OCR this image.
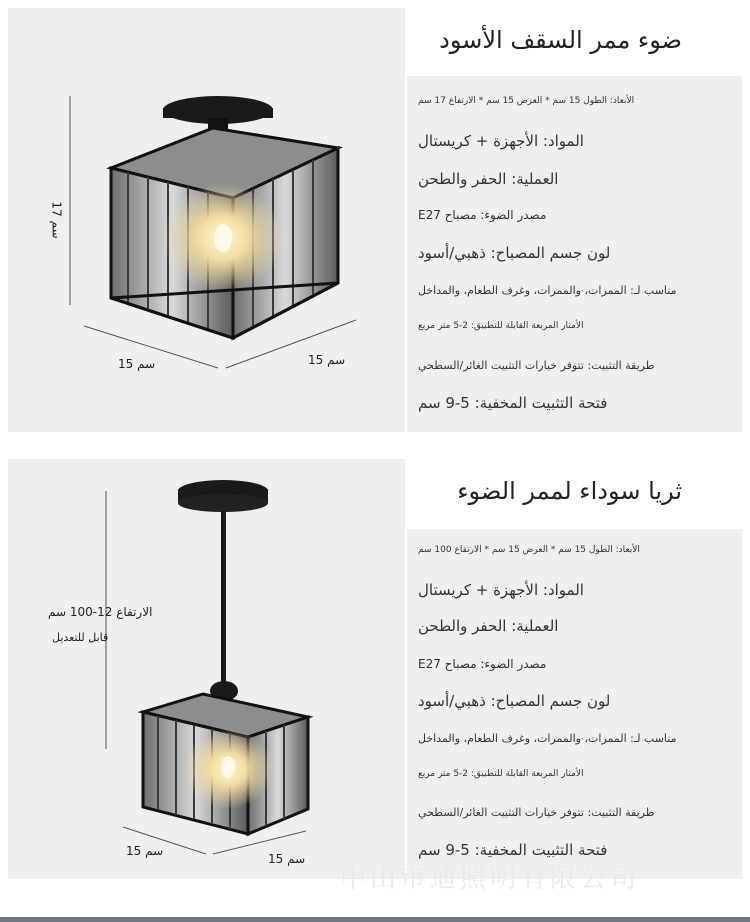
ضوء ممر السقف الأسود
الأبعاد: الطول 15 سم * العرض 15 سم * الارتفاع 17 سم
المواد: الأجهزة + كريستال
العملية: الحفر والطحن
مصدر الضوء: مصباح E27
لون جسم المصباح: ذهبي/أسود
مناسب لـ: الممرات، والممرات، وغرف الطعام، والمداخل
الأمتار المربعة القابلة للتطبيق: 2-5 متر مربع
طريقة التثبيت: تتوفر خيارات التثبيت الغائر/السطحي
فتحة التثبيت المخفية: 5-9 سم
17 سم
15 سم	15 سم
ثريا سوداء لممر الضوء
الأبعاد: الطول 15 سم * العرض 15 سم * الارتفاع 100 سم
المواد: الأجهزة + كريستال
العملية: الحفر والطحن
مصدر الضوء: مصباح E27
لون جسم المصباح: ذهبي/أسود
مناسب لـ: الممرات، والممرات، وغرف الطعام، والمداخل
الأمتار المربعة القابلة للتطبيق: 2-5 متر مربع
طريقة التثبيت: تتوفر خيارات التثبيت الغائر/السطحي
فتحة التثبيت المخفية: 5-9 سم
الارتفاع 12-100 سم
قابل للتعديل
15 سم
15 سم
中山市迪照明有限公司
